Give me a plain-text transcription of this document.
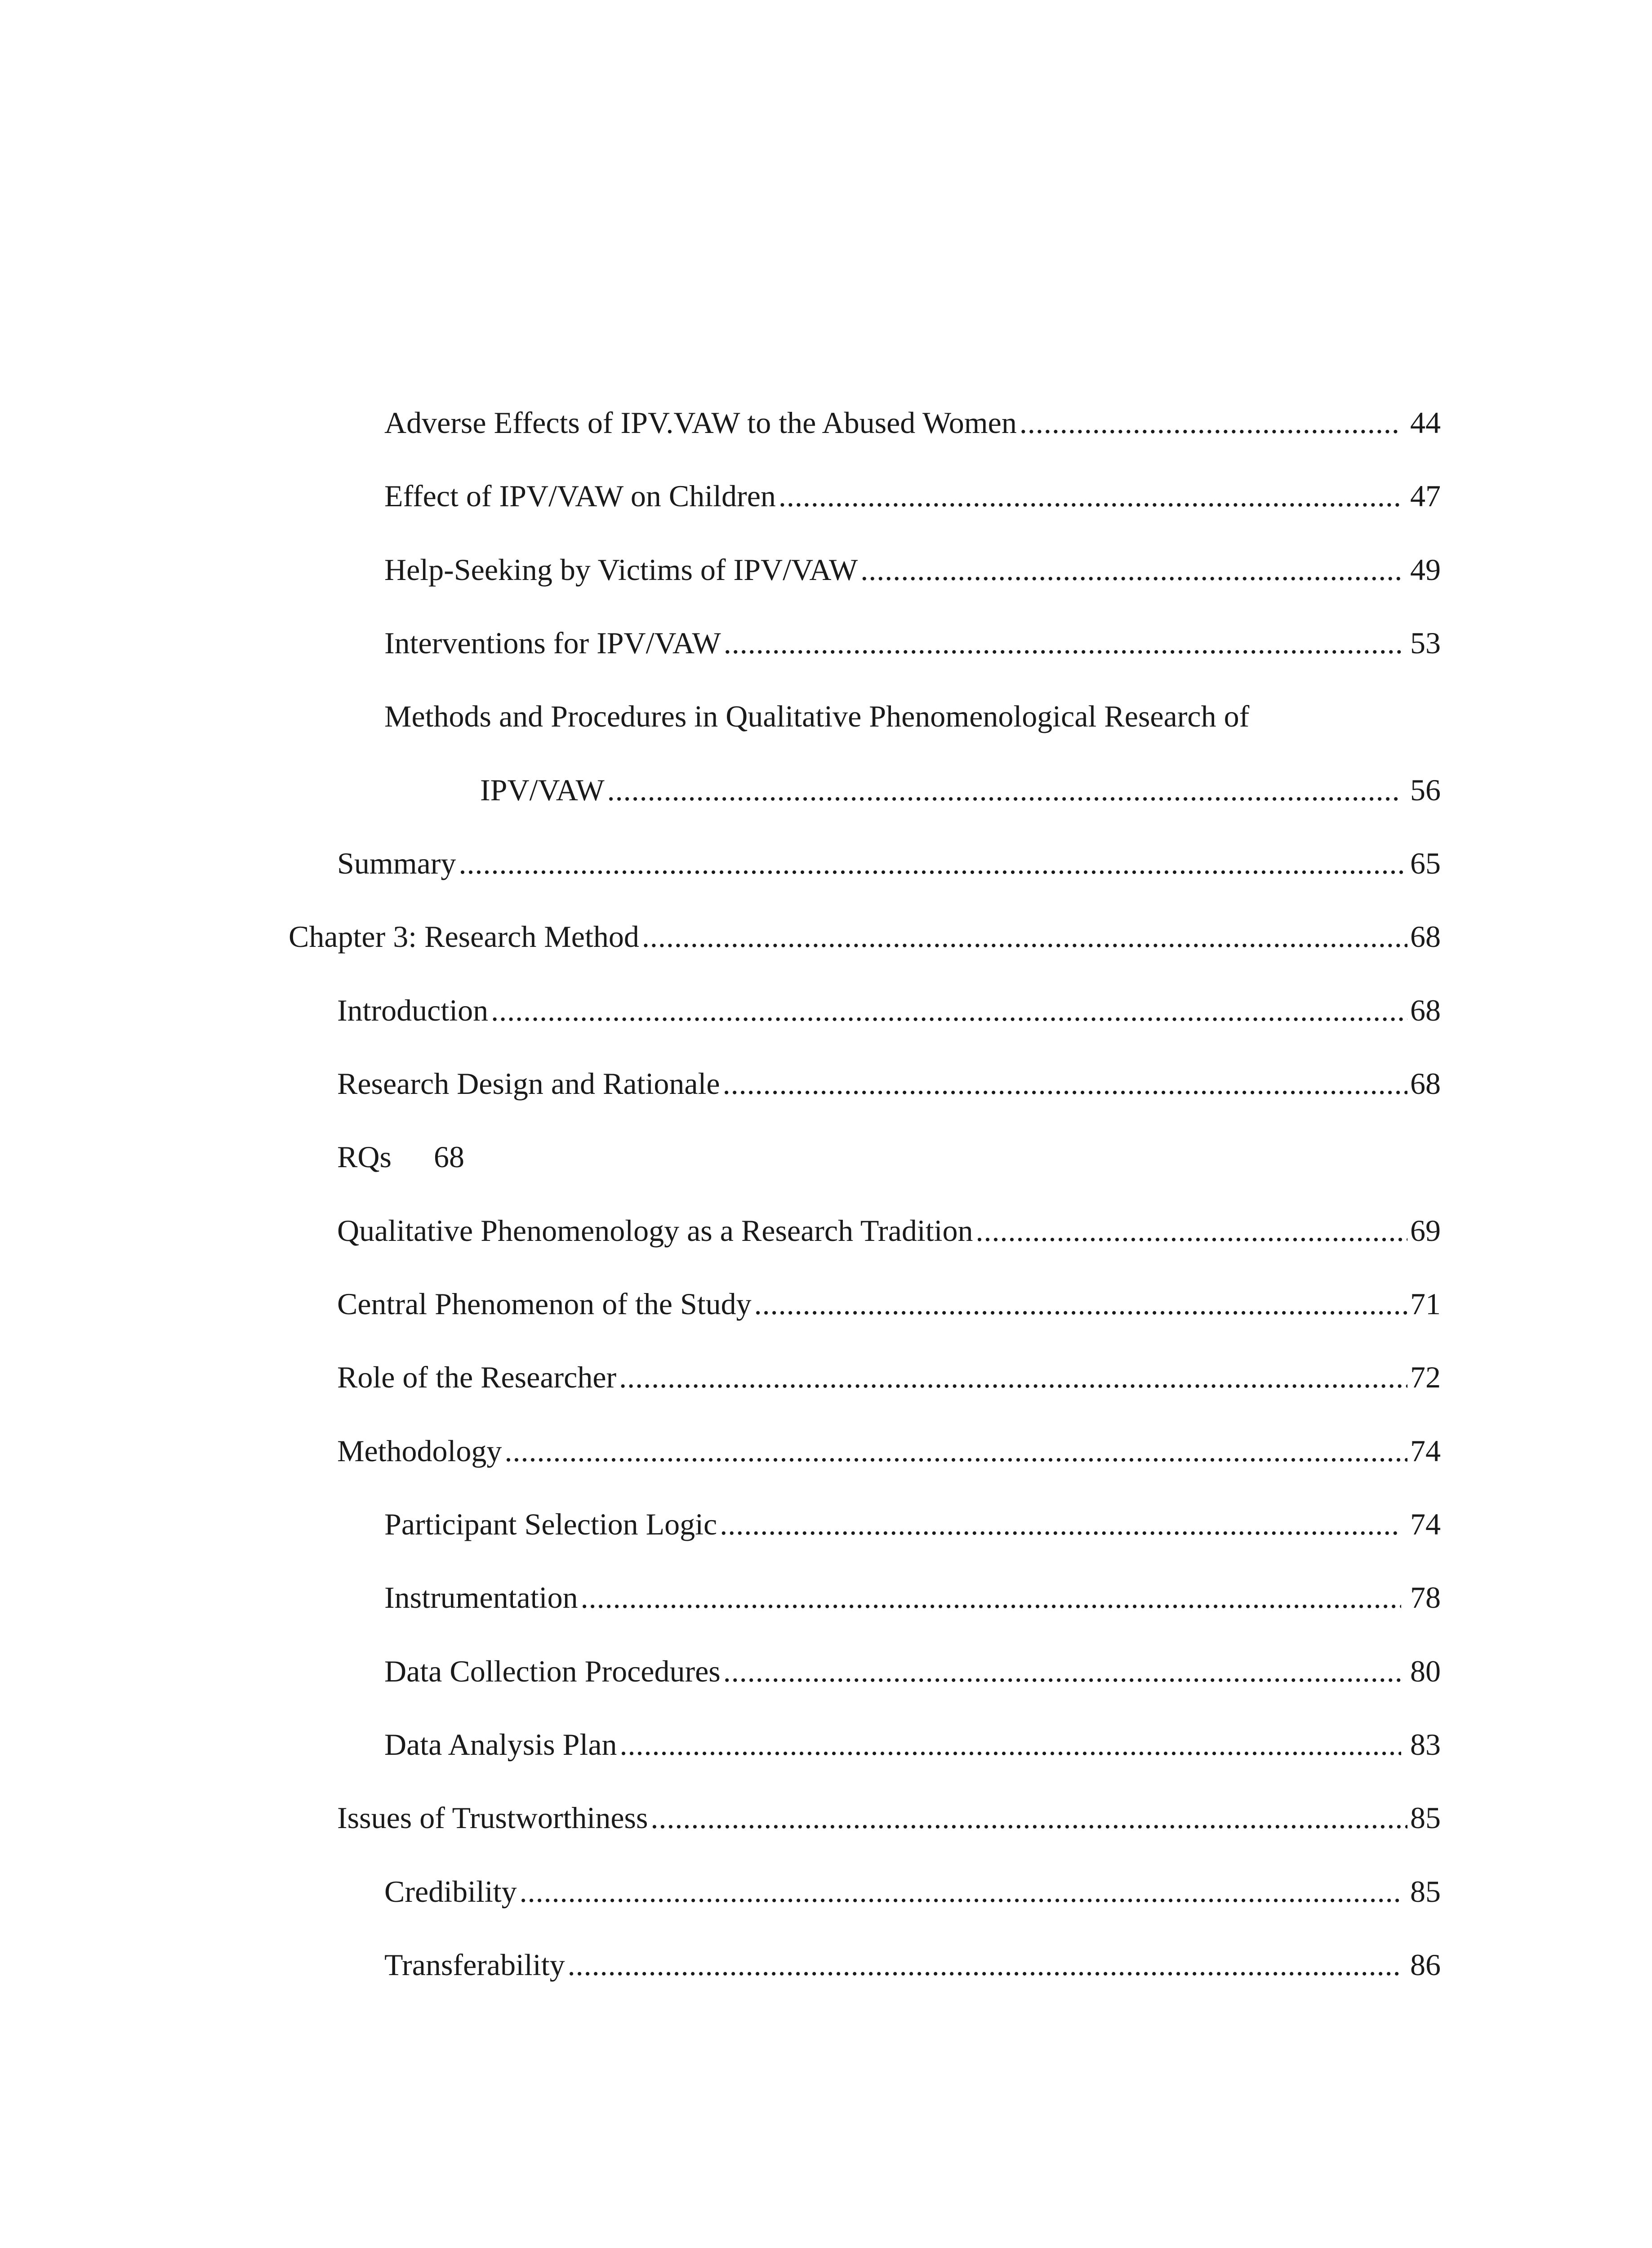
Adverse Effects of IPV.VAW to the Abused Women .....	44
Effect of IPV/VAW on Children .....	47
Help-Seeking by Victims of IPV/VAW .....	49
Interventions for IPV/VAW .....	53
Methods and Procedures in Qualitative Phenomenological Research of
IPV/VAW .....	56
Summary .....	65
Chapter 3: Research Method .....	68
Introduction .....	68
Research Design and Rationale .....	68
RQs	68
Qualitative Phenomenology as a Research Tradition .....	69
Central Phenomenon of the Study .....	71
Role of the Researcher .....	72
Methodology .....	74
Participant Selection Logic .....	74
Instrumentation .....	78
Data Collection Procedures .....	80
Data Analysis Plan .....	83
Issues of Trustworthiness .....	85
Credibility .....	85
Transferability .....	86
